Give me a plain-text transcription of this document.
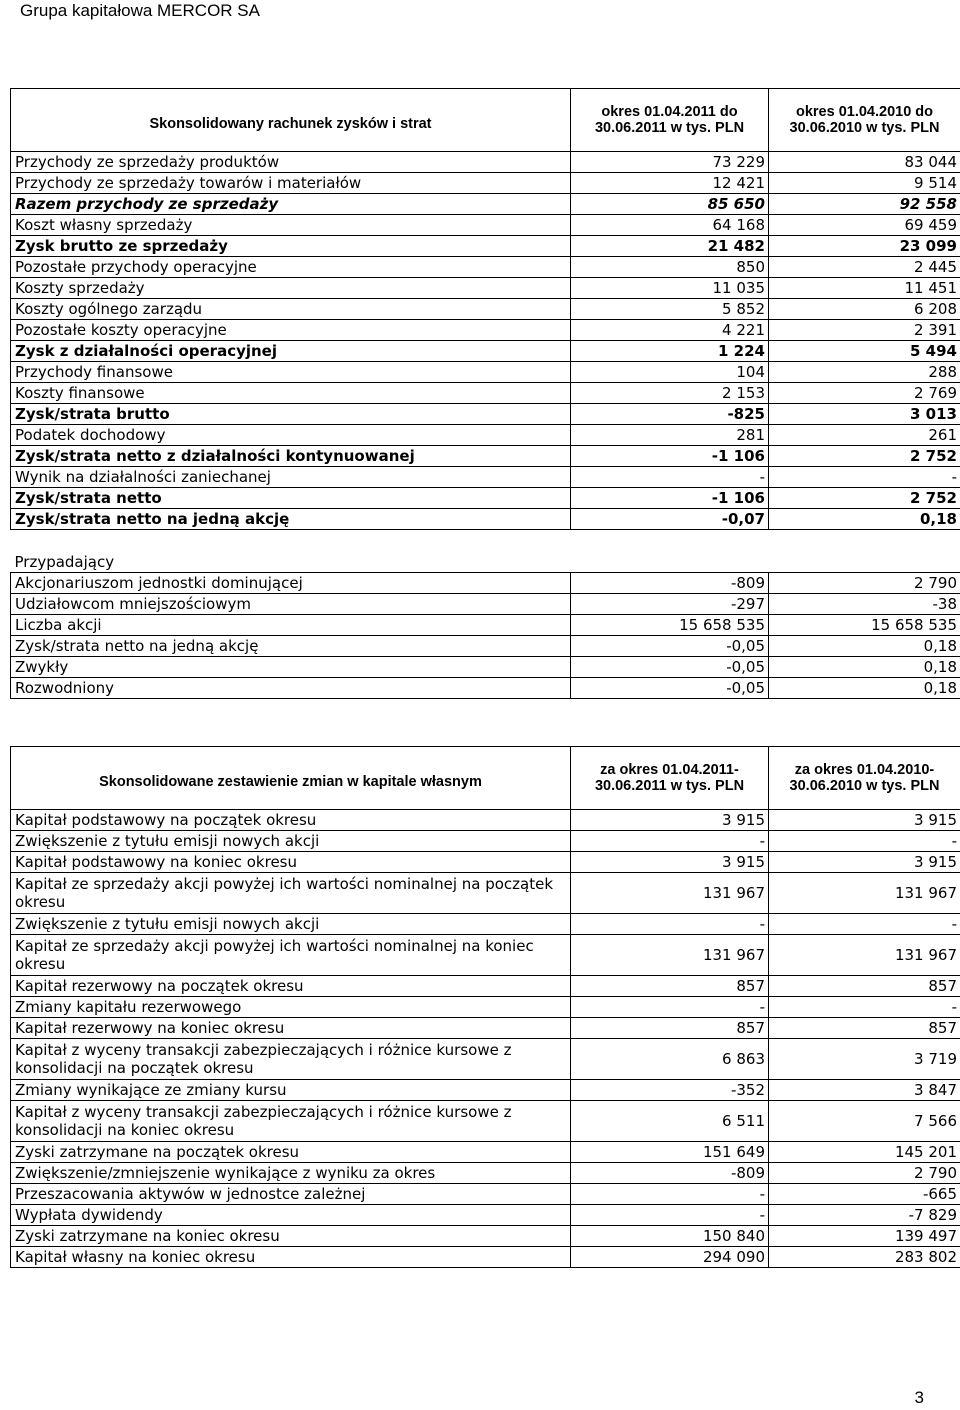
Grupa kapitałowa MERCOR SA
Skonsolidowany rachunek zysków i strat	okres 01.04.2011 do 30.06.2011 w tys. PLN	okres 01.04.2010 do 30.06.2010 w tys. PLN
Przychody ze sprzedaży produktów	73 229	83 044
Przychody ze sprzedaży towarów i materiałów	12 421	9 514
Razem przychody ze sprzedaży	85 650	92 558
Koszt własny sprzedaży	64 168	69 459
Zysk brutto ze sprzedaży	21 482	23 099
Pozostałe przychody operacyjne	850	2 445
Koszty sprzedaży	11 035	11 451
Koszty ogólnego zarządu	5 852	6 208
Pozostałe koszty operacyjne	4 221	2 391
Zysk z działalności operacyjnej	1 224	5 494
Przychody finansowe	104	288
Koszty finansowe	2 153	2 769
Zysk/strata brutto	-825	3 013
Podatek dochodowy	281	261
Zysk/strata netto z działalności kontynuowanej	-1 106	2 752
Wynik na działalności zaniechanej	-	-
Zysk/strata netto	-1 106	2 752
Zysk/strata netto na jedną akcję	-0,07	0,18

Przypadający		
Akcjonariuszom jednostki dominującej	-809	2 790
Udziałowcom mniejszościowym	-297	-38
Liczba akcji	15 658 535	15 658 535
Zysk/strata netto na jedną akcję	-0,05	0,18
Zwykły	-0,05	0,18
Rozwodniony	-0,05	0,18
Skonsolidowane zestawienie zmian w kapitale własnym	za okres 01.04.2011-30.06.2011 w tys. PLN	za okres 01.04.2010-30.06.2010 w tys. PLN
Kapitał podstawowy na początek okresu	3 915	3 915
Zwiększenie z tytułu emisji nowych akcji	-	-
Kapitał podstawowy na koniec okresu	3 915	3 915
Kapitał ze sprzedaży akcji powyżej ich wartości nominalnej na początek okresu	131 967	131 967
Zwiększenie z tytułu emisji nowych akcji	-	-
Kapitał ze sprzedaży akcji powyżej ich wartości nominalnej na koniec okresu	131 967	131 967
Kapitał rezerwowy na początek okresu	857	857
Zmiany kapitału rezerwowego	-	-
Kapitał rezerwowy na koniec okresu	857	857
Kapitał z wyceny transakcji zabezpieczających i różnice kursowe z konsolidacji na początek okresu	6 863	3 719
Zmiany wynikające ze zmiany kursu	-352	3 847
Kapitał z wyceny transakcji zabezpieczających i różnice kursowe z konsolidacji na koniec okresu	6 511	7 566
Zyski zatrzymane na początek okresu	151 649	145 201
Zwiększenie/zmniejszenie wynikające z wyniku za okres	-809	2 790
Przeszacowania aktywów w jednostce zależnej	-	-665
Wypłata dywidendy	-	-7 829
Zyski zatrzymane na koniec okresu	150 840	139 497
Kapitał własny na koniec okresu	294 090	283 802
3
